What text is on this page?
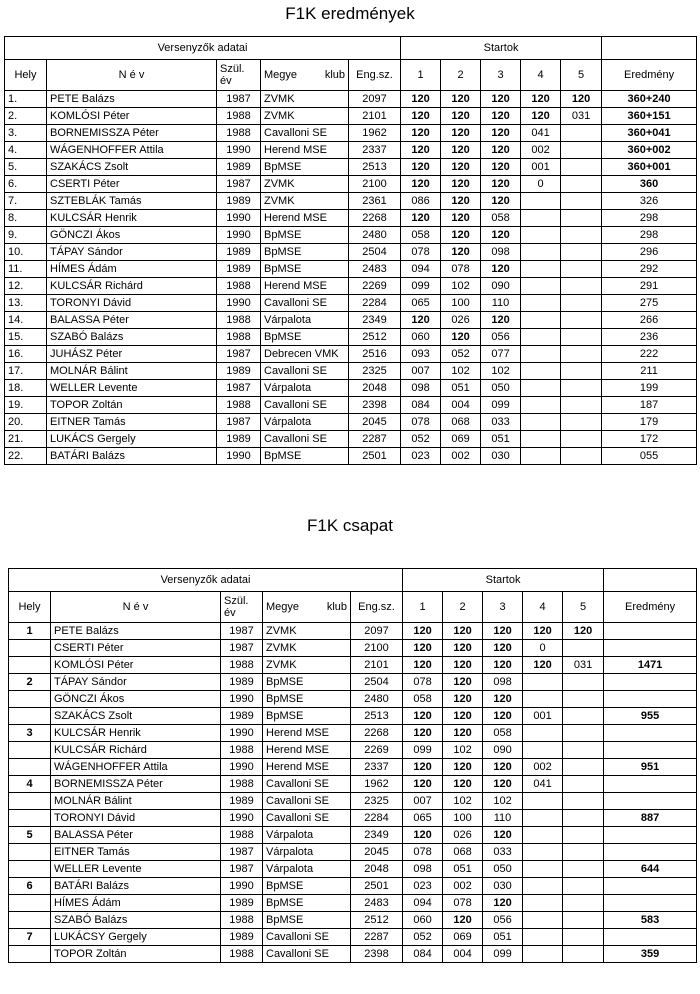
F1K eredmények
Versenyzők adatai					Startok					
Hely	N é v	Szül.
év	Megye klub	Eng.sz.	1	2	3	4	5	Eredmény
1.	PETE Balázs	1987	ZVMK	2097	120	120	120	120	120	360+240
2.	KOMLÓSI Péter	1988	ZVMK	2101	120	120	120	120	031	360+151
3.	BORNEMISSZA Péter	1988	Cavalloni SE	1962	120	120	120	041		360+041
4.	WÁGENHOFFER Attila	1990	Herend MSE	2337	120	120	120	002		360+002
5.	SZAKÁCS Zsolt	1989	BpMSE	2513	120	120	120	001		360+001
6.	CSERTI Péter	1987	ZVMK	2100	120	120	120	0		360
7.	SZTEBLÁK Tamás	1989	ZVMK	2361	086	120	120			326
8.	KULCSÁR Henrik	1990	Herend MSE	2268	120	120	058			298
9.	GÖNCZI Ákos	1990	BpMSE	2480	058	120	120			298
10.	TÁPAY Sándor	1989	BpMSE	2504	078	120	098			296
11.	HÍMES Ádám	1989	BpMSE	2483	094	078	120			292
12.	KULCSÁR Richárd	1988	Herend MSE	2269	099	102	090			291
13.	TORONYI Dávid	1990	Cavalloni SE	2284	065	100	110			275
14.	BALASSA Péter	1988	Várpalota	2349	120	026	120			266
15.	SZABÓ Balázs	1988	BpMSE	2512	060	120	056			236
16.	JUHÁSZ Péter	1987	Debrecen VMK	2516	093	052	077			222
17.	MOLNÁR Bálint	1989	Cavalloni SE	2325	007	102	102			211
18.	WELLER Levente	1987	Várpalota	2048	098	051	050			199
19.	TOPOR Zoltán	1988	Cavalloni SE	2398	084	004	099			187
20.	EITNER Tamás	1987	Várpalota	2045	078	068	033			179
21.	LUKÁCS Gergely	1989	Cavalloni SE	2287	052	069	051			172
22.	BATÁRI Balázs	1990	BpMSE	2501	023	002	030			055
F1K csapat
Versenyzők adatai					Startok					
Hely	N é v	Szül.
év	Megye klub	Eng.sz.	1	2	3	4	5	Eredmény
1	PETE Balázs	1987	ZVMK	2097	120	120	120	120	120	
	CSERTI Péter	1987	ZVMK	2100	120	120	120	0		
	KOMLÓSI Péter	1988	ZVMK	2101	120	120	120	120	031	1471
2	TÁPAY Sándor	1989	BpMSE	2504	078	120	098			
	GÖNCZI Ákos	1990	BpMSE	2480	058	120	120			
	SZAKÁCS Zsolt	1989	BpMSE	2513	120	120	120	001		955
3	KULCSÁR Henrik	1990	Herend MSE	2268	120	120	058			
	KULCSÁR Richárd	1988	Herend MSE	2269	099	102	090			
	WÁGENHOFFER Attila	1990	Herend MSE	2337	120	120	120	002		951
4	BORNEMISSZA Péter	1988	Cavalloni SE	1962	120	120	120	041		
	MOLNÁR Bálint	1989	Cavalloni SE	2325	007	102	102			
	TORONYI Dávid	1990	Cavalloni SE	2284	065	100	110			887
5	BALASSA Péter	1988	Várpalota	2349	120	026	120			
	EITNER Tamás	1987	Várpalota	2045	078	068	033			
	WELLER Levente	1987	Várpalota	2048	098	051	050			644
6	BATÁRI Balázs	1990	BpMSE	2501	023	002	030			
	HÍMES Ádám	1989	BpMSE	2483	094	078	120			
	SZABÓ Balázs	1988	BpMSE	2512	060	120	056			583
7	LUKÁCSY Gergely	1989	Cavalloni SE	2287	052	069	051			
	TOPOR Zoltán	1988	Cavalloni SE	2398	084	004	099			359
